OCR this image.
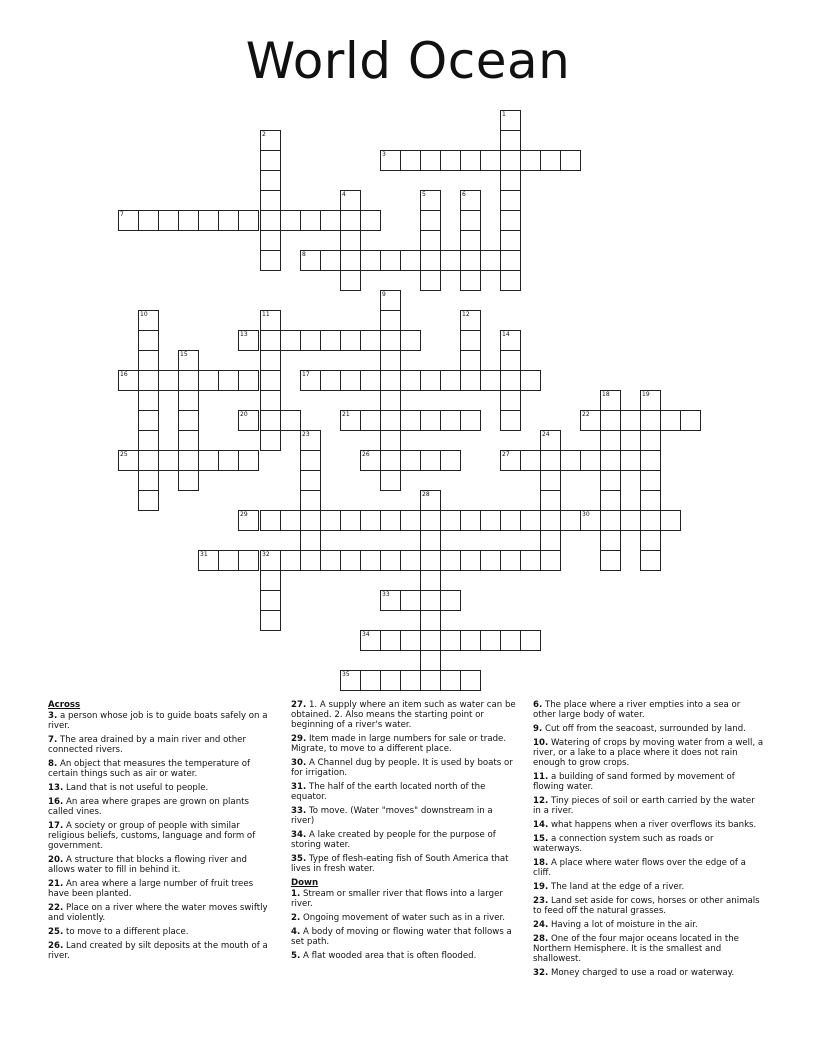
World Ocean
1
2
3
4	5	6
7
8
9
10	11	12
13	14
15
16	17
18	19
20	21	22
23	24
25	26	27
28
29	30
31	32
33
34
35
Across
3. a person whose job is to guide boats safely on a river.
7. The area drained by a main river and other connected rivers.
8. An object that measures the temperature of certain things such as air or water.
13. Land that is not useful to people.
16. An area where grapes are grown on plants called vines.
17. A society or group of people with similar religious beliefs, customs, language and form of government.
20. A structure that blocks a flowing river and allows water to fill in behind it.
21. An area where a large number of fruit trees have been planted.
22. Place on a river where the water moves swiftly and violently.
25. to move to a different place.
26. Land created by silt deposits at the mouth of a river.
27. 1. A supply where an item such as water can be obtained. 2. Also means the starting point or beginning of a river's water.
29. Item made in large numbers for sale or trade. Migrate, to move to a different place.
30. A Channel dug by people. It is used by boats or for irrigation.
31. The half of the earth located north of the equator.
33. To move. (Water "moves" downstream in a river)
34. A lake created by people for the purpose of storing water.
35. Type of flesh-eating fish of South America that lives in fresh water.
Down
1. Stream or smaller river that flows into a larger river.
2. Ongoing movement of water such as in a river.
4. A body of moving or flowing water that follows a set path.
5. A flat wooded area that is often flooded.
6. The place where a river empties into a sea or other large body of water.
9. Cut off from the seacoast, surrounded by land.
10. Watering of crops by moving water from a well, a river, or a lake to a place where it does not rain enough to grow crops.
11. a building of sand formed by movement of flowing water.
12. Tiny pieces of soil or earth carried by the water in a river.
14. what happens when a river overflows its banks.
15. a connection system such as roads or waterways.
18. A place where water flows over the edge of a cliff.
19. The land at the edge of a river.
23. Land set aside for cows, horses or other animals to feed off the natural grasses.
24. Having a lot of moisture in the air.
28. One of the four major oceans located in the Northern Hemisphere. It is the smallest and shallowest.
32. Money charged to use a road or waterway.
